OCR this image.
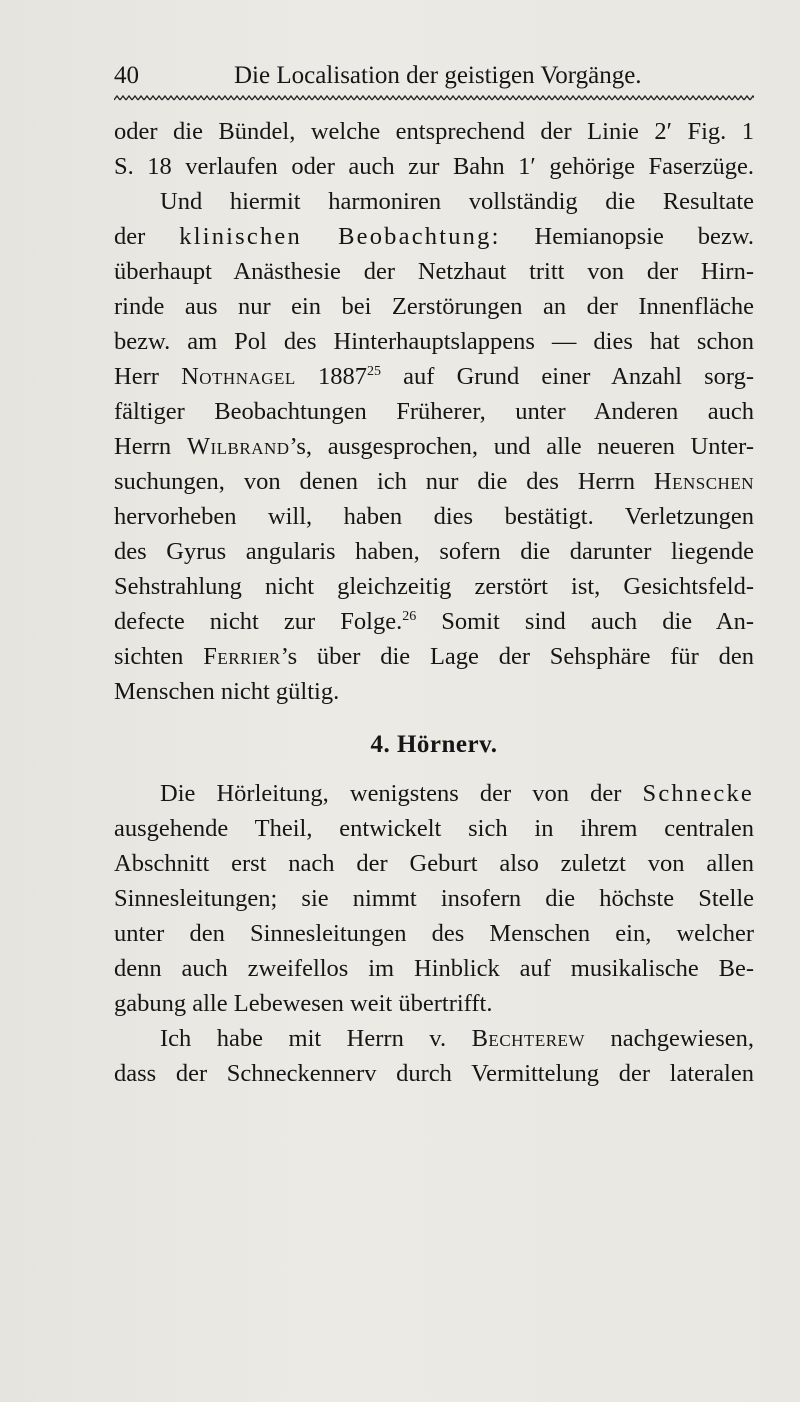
40	Die Localisation der geistigen Vorgänge.
oder die Bündel, welche entsprechend der Linie 2′ Fig. 1
S. 18 verlaufen oder auch zur Bahn 1′ gehörige Faserzüge.
Und hiermit harmoniren vollständig die Resultate
der klinischen Beobachtung: Hemianopsie bezw.
überhaupt Anästhesie der Netzhaut tritt von der Hirn-
rinde aus nur ein bei Zerstörungen an der Innenfläche
bezw. am Pol des Hinterhauptslappens — dies hat schon
Herr Nothnagel 1887$^{25}$ auf Grund einer Anzahl sorg-
fältiger Beobachtungen Früherer, unter Anderen auch
Herrn Wilbrand’s, ausgesprochen, und alle neueren Unter-
suchungen, von denen ich nur die des Herrn Henschen
hervorheben will, haben dies bestätigt. Verletzungen
des Gyrus angularis haben, sofern die darunter liegende
Sehstrahlung nicht gleichzeitig zerstört ist, Gesichtsfeld-
defecte nicht zur Folge.$^{26}$ Somit sind auch die An-
sichten Ferrier’s über die Lage der Sehsphäre für den
Menschen nicht gültig.
4. Hörnerv.
Die Hörleitung, wenigstens der von der Schnecke
ausgehende Theil, entwickelt sich in ihrem centralen
Abschnitt erst nach der Geburt also zuletzt von allen
Sinnesleitungen; sie nimmt insofern die höchste Stelle
unter den Sinnesleitungen des Menschen ein, welcher
denn auch zweifellos im Hinblick auf musikalische Be-
gabung alle Lebewesen weit übertrifft.
Ich habe mit Herrn v. Bechterew nachgewiesen,
dass der Schneckennerv durch Vermittelung der lateralen
